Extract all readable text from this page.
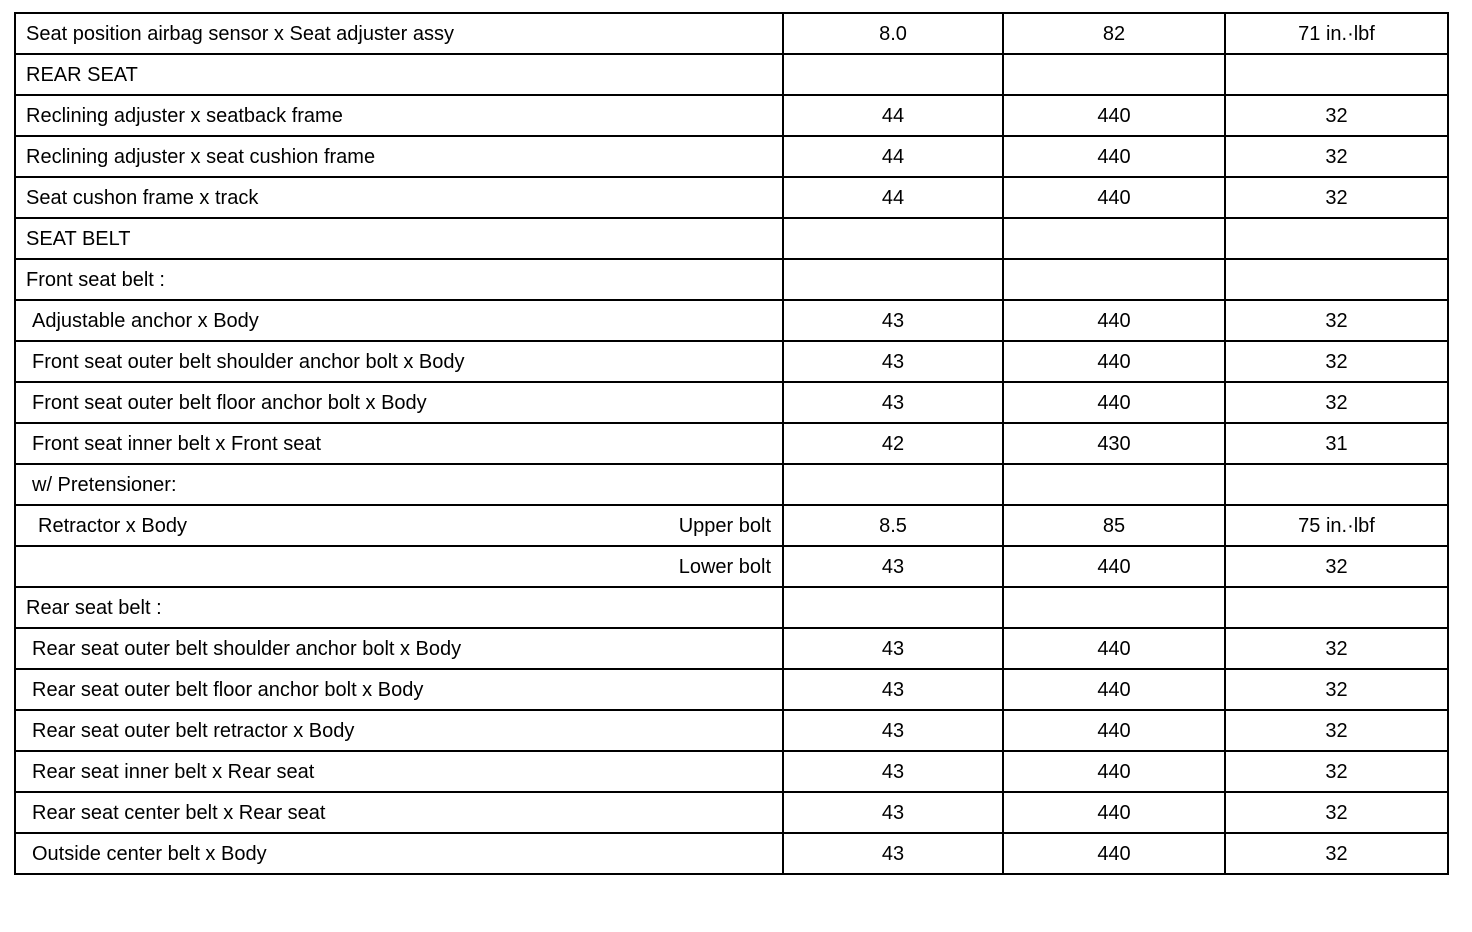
Seat position airbag sensor x Seat adjuster assy	8.0	82	71 in.·lbf
REAR SEAT			
Reclining adjuster x seatback frame	44	440	32
Reclining adjuster x seat cushion frame	44	440	32
Seat cushon frame x track	44	440	32
SEAT BELT			
Front seat belt :			
Adjustable anchor x Body	43	440	32
Front seat outer belt shoulder anchor bolt x Body	43	440	32
Front seat outer belt floor anchor bolt x Body	43	440	32
Front seat inner belt x Front seat	42	430	31
w/ Pretensioner:			
Retractor x Body Upper bolt	8.5	85	75 in.·lbf

Lower bolt	43	440	32
Rear seat belt :			
Rear seat outer belt shoulder anchor bolt x Body	43	440	32
Rear seat outer belt floor anchor bolt x Body	43	440	32
Rear seat outer belt retractor x Body	43	440	32
Rear seat inner belt x Rear seat	43	440	32
Rear seat center belt x Rear seat	43	440	32
Outside center belt x Body	43	440	32
